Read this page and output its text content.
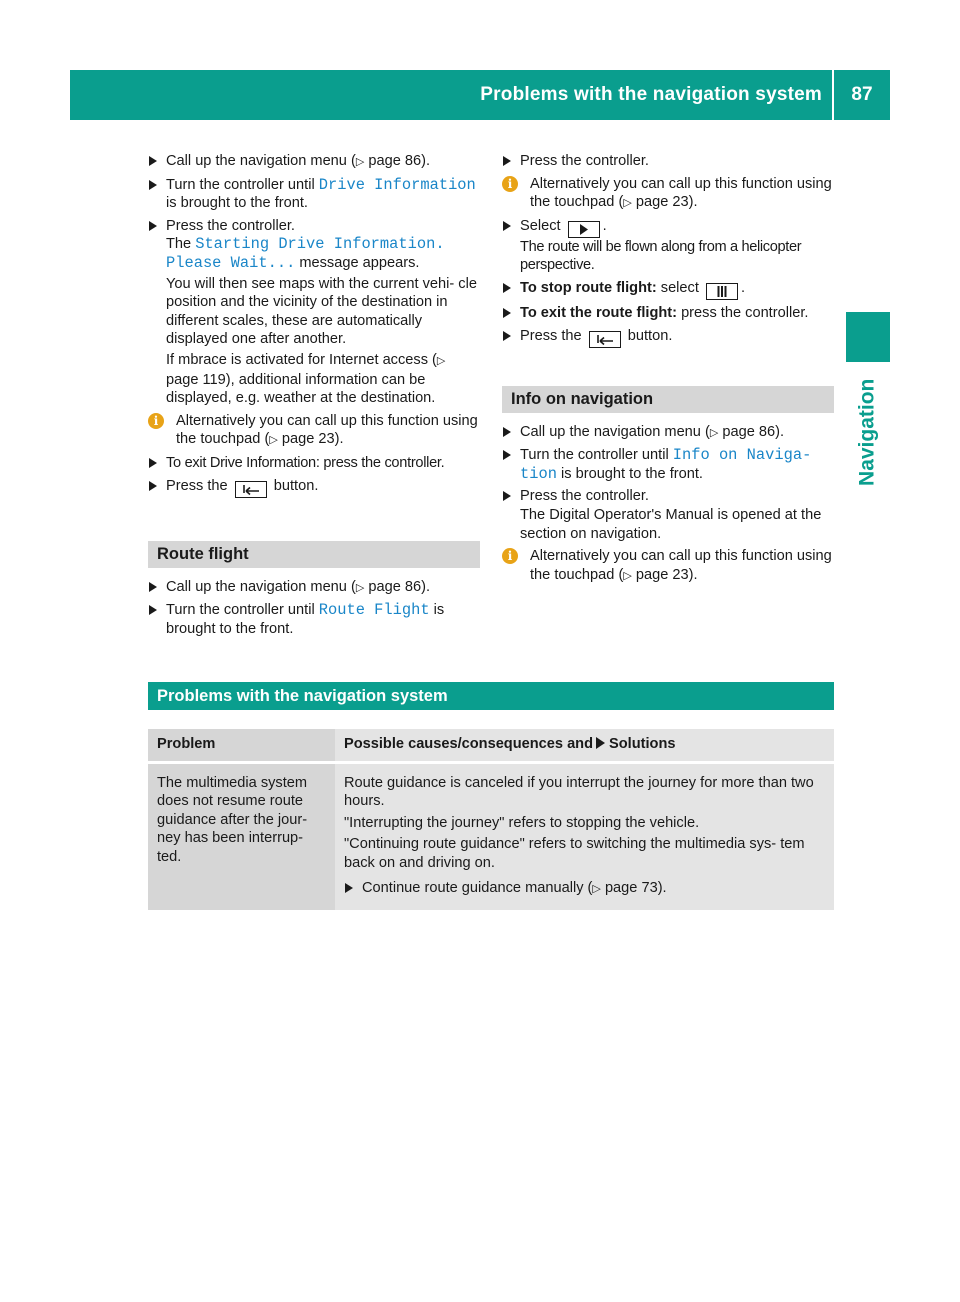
Problems with the navigation system	87
Navigation
Call up the navigation menu (▷ page 86).
Turn the controller until Drive Information
is brought to the front.
Press the controller.
The Starting Drive Information.
Please Wait... message appears.

You will then see maps with the current vehi- cle position and the vicinity of the destination in different scales, these are automatically displayed one after another.

If mbrace is activated for Internet access (▷ page 119), additional information can be displayed, e.g. weather at the destination.

i	Alternatively you can call up this function using the touchpad (▷ page 23).

To exit Drive Information: press the controller.
Press the	button.
Route flight
Call up the navigation menu (▷ page 86).
Turn the controller until Route Flight is brought to the front.
Press the controller.
i	Alternatively you can call up this function using the touchpad (▷ page 23).

Select	.
The route will be flown along from a helicopter perspective.
To stop route flight: select	.
To exit the route flight: press the controller.
Press the	button.
Info on navigation
Call up the navigation menu (▷ page 86).
Turn the controller until Info on Naviga‐
tion is brought to the front.
Press the controller.
The Digital Operator's Manual is opened at the section on navigation.
i	Alternatively you can call up this function using the touchpad (▷ page 23).

Problems with the navigation system
Problem	Possible causes/consequences and Solutions
The multimedia system does not resume route guidance after the jour- ney has been interrup- ted.	Route guidance is canceled if you interrupt the journey for more than two hours.

"Interrupting the journey" refers to stopping the vehicle.

"Continuing route guidance" refers to switching the multimedia sys- tem back on and driving on.

Continue route guidance manually (▷ page 73).
